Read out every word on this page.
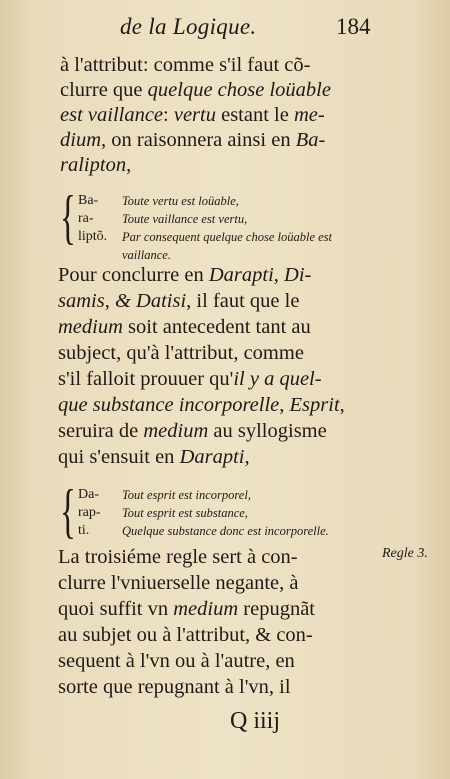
de la Logique.	184
à l'attribut: comme s'il faut cõ-
clurre que quelque chose loüable
est vaillance: vertu estant le me-
dium, on raisonnera ainsi en Ba-
ralipton,
{ Ba- Toute vertu est loüable,
ra- Toute vaillance est vertu,
liptõ. Par consequent quelque chose loüable est
vaillance.
Pour conclurre en Darapti, Di-
samis, & Datisi, il faut que le
medium soit antecedent tant au
subject, qu'à l'attribut, comme
s'il falloit prouuer qu'il y a quel-
que substance incorporelle, Esprit,
seruira de medium au syllogisme
qui s'ensuit en Darapti,
{ Da- Tout esprit est incorporel,
rap- Tout esprit est substance,
ti.	Quelque substance donc est incorporelle.
Regle 3.
La troisiéme regle sert à con-
clurre l'vniuerselle negante, à
quoi suffit vn medium repugnãt
au subjet ou à l'attribut, & con-
sequent à l'vn ou à l'autre, en
sorte que repugnant à l'vn, il
Q iiij
